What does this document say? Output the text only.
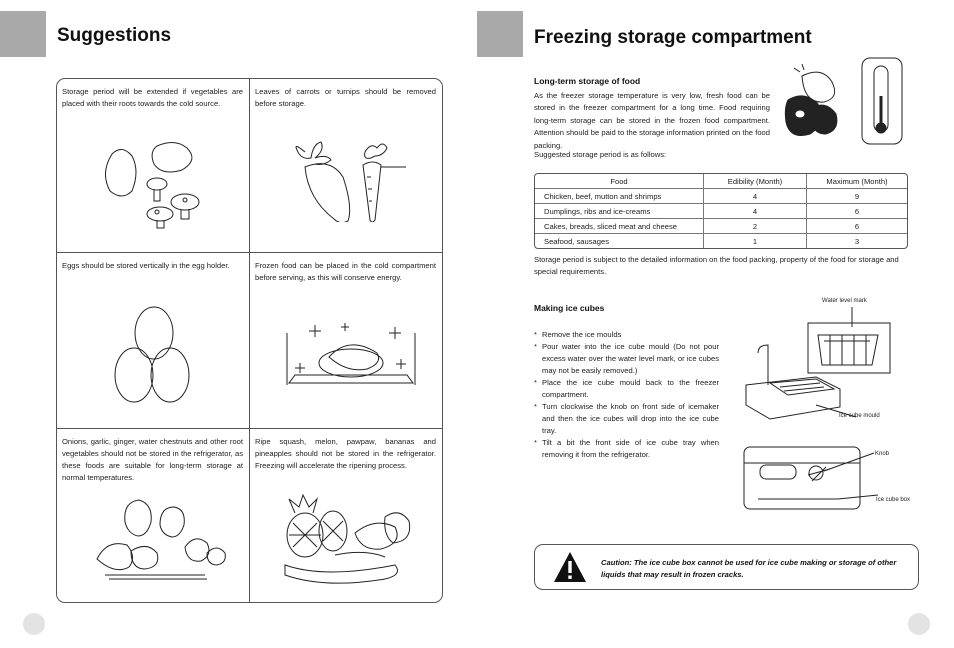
Suggestions

Storage period will be extended if vegetables are placed with their roots towards the cold source.

Leaves of carrots or turnips should be removed before storage.

Eggs should be stored vertically in the egg holder.	Frozen food can be placed in the cold compartment before serving, as this will conserve energy.

Onions, garlic, ginger, water chestnuts and other root vegetables should not be stored in the refrigerator, as these foods are suitable for long-term storage at normal temperatures.

Ripe squash, melon, pawpaw, bananas and pineapples should not be stored in the refrigerator. Freezing will accelerate the ripening process.

Freezing storage compartment

Long-term storage of food

As the freezer storage temperature is very low, fresh food can be stored in the freezer compartment for a long time. Food requiring long-term storage can be stored in the frozen food compartment. Attention should be paid to the storage information printed on the food packing.

Suggested storage period is as follows:

Food	Edibility (Month)	Maximum (Month)
Chicken, beef, mutton and shrimps	4	9
Dumplings, ribs and ice-creams	4	6
Cakes, breads, sliced meat and cheese	2	6
Seafood, sausages	1	3

Storage period is subject to the detailed information on the food packing, property of the food for storage and special requirements.

Making ice cubes

* Remove the ice moulds
* Pour water into the ice cube mould (Do not pour excess water over the water level mark, or ice cubes may not be easily removed.)
* Place the ice cube mould back to the freezer compartment.
* Turn clockwise the knob on front side of icemaker and then the ice cubes will drop into the ice cube tray.
* Tilt a bit the front side of ice cube tray when removing it from the refrigerator.
Water level mark
Ice cube mould
Knob
Ice cube box

Caution: The ice cube box cannot be used for ice cube making or storage of other liquids that may result in frozen cracks.
